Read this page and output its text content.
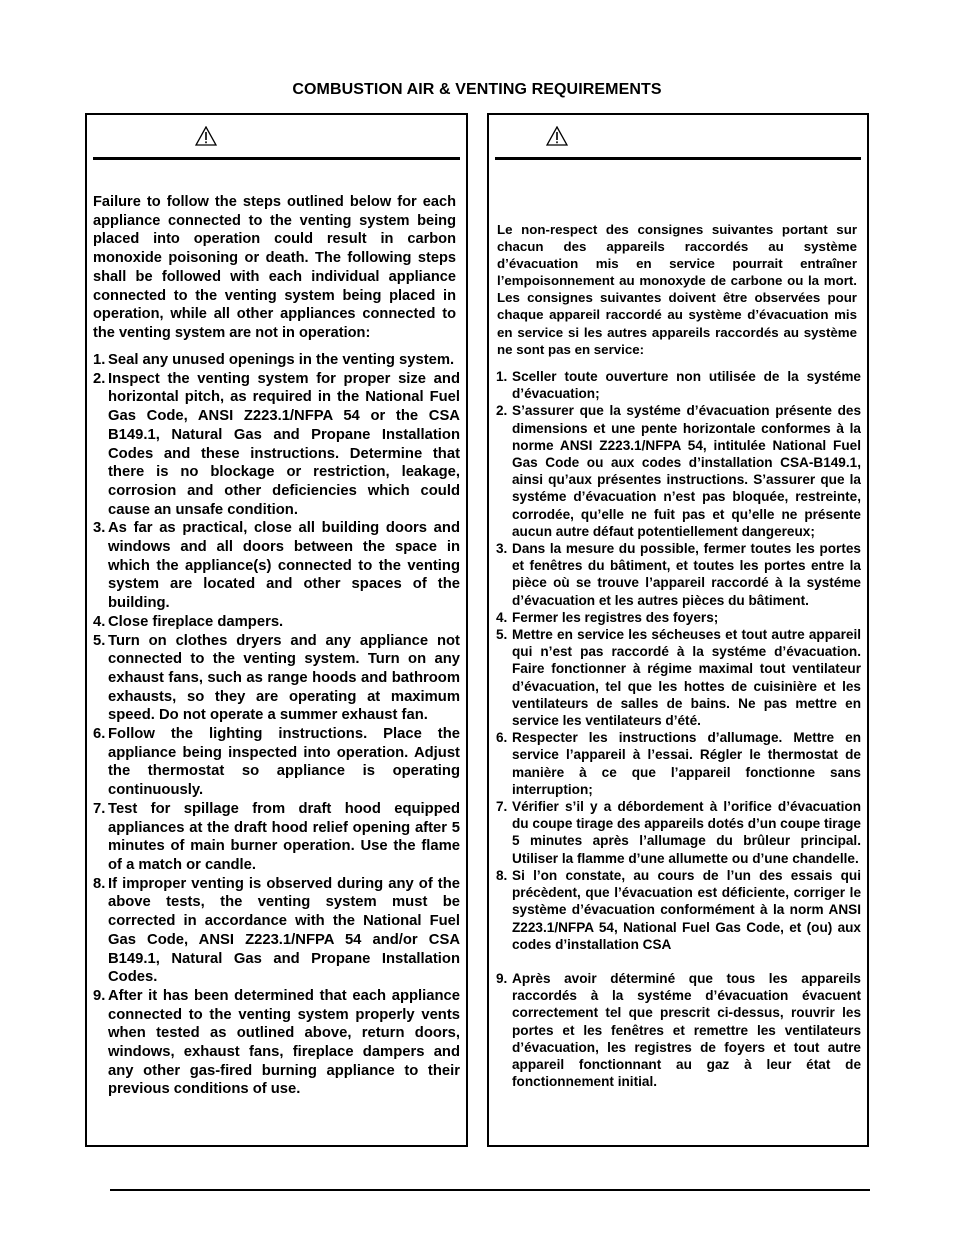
COMBUSTION AIR & VENTING REQUIREMENTS

Failure to follow the steps outlined below for each appliance connected to the venting system being placed into operation could result in carbon monoxide poisoning or death. The following steps shall be followed with each individual appliance connected to the venting system being placed in operation, while all other appliances connected to the venting system are not in operation:

1. Seal any unused openings in the venting system.
2. Inspect the venting system for proper size and horizontal pitch, as required in the National Fuel Gas Code, ANSI Z223.1/NFPA 54 or the CSA B149.1, Natural Gas and Propane Installation Codes and these instructions. Determine that there is no blockage or restriction, leakage, corrosion and other deficiencies which could cause an unsafe condition.
3. As far as practical, close all building doors and windows and all doors between the space in which the appliance(s) connected to the venting system are located and other spaces of the building.
4. Close fireplace dampers.
5. Turn on clothes dryers and any appliance not connected to the venting system. Turn on any exhaust fans, such as range hoods and bathroom exhausts, so they are operating at maximum speed. Do not operate a summer exhaust fan.
6. Follow the lighting instructions. Place the appliance being inspected into operation. Adjust the thermostat so appliance is operating continuously.
7. Test for spillage from draft hood equipped appliances at the draft hood relief opening after 5 minutes of main burner operation. Use the flame of a match or candle.
8. If improper venting is observed during any of the above tests, the venting system must be corrected in accordance with the National Fuel Gas Code, ANSI Z223.1/NFPA 54 and/or CSA B149.1, Natural Gas and Propane Installation Codes.
9. After it has been determined that each appliance connected to the venting system properly vents when tested as outlined above, return doors, windows, exhaust fans, fireplace dampers and any other gas-fired burning appliance to their previous conditions of use.

Le non-respect des consignes suivantes portant sur chacun des appareils raccordés au système d’évacuation mis en service pourrait entraîner l’empoisonnement au monoxyde de carbone ou la mort. Les consignes suivantes doivent être observées pour chaque appareil raccordé au système d’évacuation mis en service si les autres appareils raccordés au système ne sont pas en service:

1. Sceller toute ouverture non utilisée de la systéme d’évacuation;
2. S’assurer que la systéme d’évacuation présente des dimensions et une pente horizontale conformes à la norme ANSI Z223.1/NFPA 54, intitulée National Fuel Gas Code ou aux codes d’installation CSA-B149.1, ainsi qu’aux présentes instructions. S’assurer que la systéme d’évacuation n’est pas bloquée, restreinte, corrodée, qu’elle ne fuit pas et qu’elle ne présente aucun autre défaut potentiellement dangereux;
3. Dans la mesure du possible, fermer toutes les portes et fenêtres du bâtiment, et toutes les portes entre la pièce où se trouve l’appareil raccordé à la systéme d’évacuation et les autres pièces du bâtiment.
4. Fermer les registres des foyers;
5. Mettre en service les sécheuses et tout autre appareil qui n’est pas raccordé à la systéme d’évacuation. Faire fonctionner à régime maximal tout ventilateur d’évacuation, tel que les hottes de cuisinière et les ventilateurs de salles de bains. Ne pas mettre en service les ventilateurs d’été.
6. Respecter les instructions d’allumage. Mettre en service l’appareil à l’essai. Régler le thermostat de manière à ce que l’appareil fonctionne sans interruption;
7. Vérifier s’il y a débordement à l’orifice d’évacuation du coupe tirage des appareils dotés d’un coupe tirage 5 minutes après l’allumage du brûleur principal. Utiliser la flamme d’une allumette ou d’une chandelle.
8. Si l’on constate, au cours de l’un des essais qui précèdent, que l’évacuation est déficiente, corriger le système d’évacuation conformément à la norm ANSI Z223.1/NFPA 54, National Fuel Gas Code, et (ou) aux codes d’installation CSA
9. Après avoir déterminé que tous les appareils raccordés à la systéme d’évacuation évacuent correctement tel que prescrit ci-dessus, rouvrir les portes et les fenêtres et remettre les ventilateurs d’évacuation, les registres de foyers et tout autre appareil fonctionnant au gaz à leur état de fonctionnement initial.
